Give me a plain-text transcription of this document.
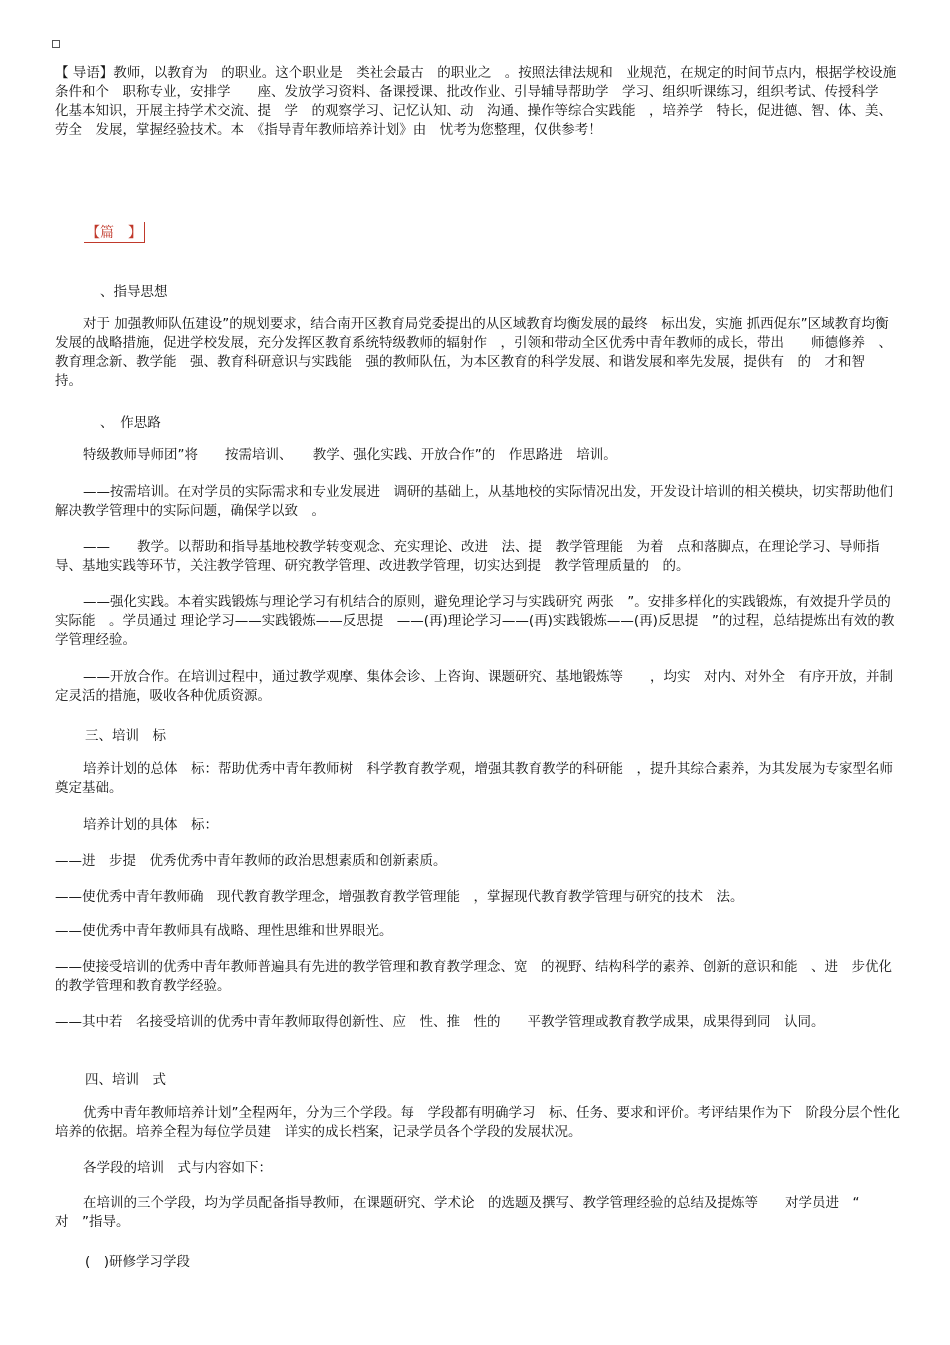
【 导语】教师，以教育为　的职业。这个职业是　类社会最古　的职业之　。按照法律法规和　业规范，在规定的时间节点内，根据学校设施条件和个　职称专业，安排学　　座、发放学习资料、备课授课、批改作业、引导辅导帮助学　学习、组织听课练习，组织考试、传授科学　化基本知识，开展主持学术交流、提　学　的观察学习、记忆认知、动　沟通、操作等综合实践能　，培养学　特长，促进德、智、体、美、劳全　发展，掌握经验技术。本　《指导青年教师培养计划》由　忧考为您整理，仅供参考！

【篇　】

、指导思想

对于 加强教师队伍建设”的规划要求，结合南开区教育局党委提出的从区域教育均衡发展的最终　标出发，实施 抓西促东”区域教育均衡发展的战略措施，促进学校发展，充分发挥区教育系统特级教师的辐射作　，引领和带动全区优秀中青年教师的成长，带出　　师德修养　、教育理念新、教学能　强、教育科研意识与实践能　强的教师队伍，为本区教育的科学发展、和谐发展和率先发展，提供有　的　才和智　　持。

、　作思路

特级教师导师团”将　　按需培训、　　教学、强化实践、开放合作”的　作思路进　培训。

——按需培训。在对学员的实际需求和专业发展进　调研的基础上，从基地校的实际情况出发，开发设计培训的相关模块，切实帮助他们解决教学管理中的实际问题，确保学以致　。

——　　教学。以帮助和指导基地校教学转变观念、充实理论、改进　法、提　教学管理能　为着　点和落脚点，在理论学习、导师指导、基地实践等环节，关注教学管理、研究教学管理、改进教学管理，切实达到提　教学管理质量的　的。

——强化实践。本着实践锻炼与理论学习有机结合的原则，避免理论学习与实践研究 两张　”。安排多样化的实践锻炼，有效提升学员的实际能　。学员通过 理论学习——实践锻炼——反思提　——(再)理论学习——(再)实践锻炼——(再)反思提　”的过程，总结提炼出有效的教学管理经验。

——开放合作。在培训过程中，通过教学观摩、集体会诊、上咨询、课题研究、基地锻炼等　　，均实　对内、对外全　有序开放，并制定灵活的措施，吸收各种优质资源。

三、培训　标

培养计划的总体　标：帮助优秀中青年教师树　科学教育教学观，增强其教育教学的科研能　，提升其综合素养，为其发展为专家型名师奠定基础。

培养计划的具体　标：

——进　步提　优秀优秀中青年教师的政治思想素质和创新素质。

——使优秀中青年教师确　现代教育教学理念，增强教育教学管理能　，掌握现代教育教学管理与研究的技术　法。

——使优秀中青年教师具有战略、理性思维和世界眼光。

——使接受培训的优秀中青年教师普遍具有先进的教学管理和教育教学理念、宽　的视野、结构科学的素养、创新的意识和能　、进　步优化的教学管理和教育教学经验。

——其中若　名接受培训的优秀中青年教师取得创新性、应　性、推　性的　　平教学管理或教育教学成果，成果得到同　认同。

四、培训　式

优秀中青年教师培养计划”全程两年，分为三个学段。每　学段都有明确学习　标、任务、要求和评价。考评结果作为下　阶段分层个性化培养的依据。培养全程为每位学员建　详实的成长档案，记录学员各个学段的发展状况。

各学段的培训　式与内容如下：

在培训的三个学段，均为学员配备指导教师，在课题研究、学术论　的选题及撰写、教学管理经验的总结及提炼等　　对学员进　“ 对　”指导。

(　)研修学习学段
